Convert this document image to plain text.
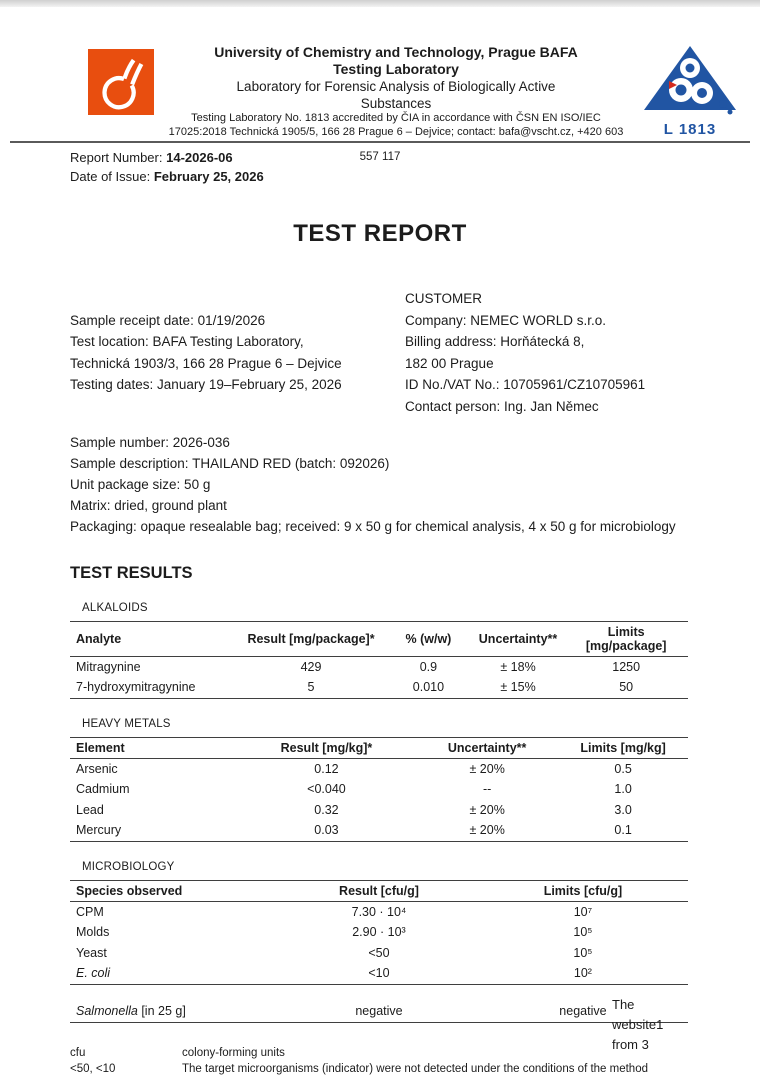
University of Chemistry and Technology, Prague BAFA
Testing Laboratory
Laboratory for Forensic Analysis of Biologically Active
Substances
Testing Laboratory No. 1813 accredited by ČIA in accordance with ČSN EN ISO/IEC
17025:2018 Technická 1905/5, 166 28 Prague 6 – Dejvice; contact: bafa@vscht.cz, +420 603	L 1813
557 117
Report Number: 14-2026-06
Date of Issue: February 25, 2026
TEST REPORT
Sample receipt date: 01/19/2026
Test location: BAFA Testing Laboratory,
Technická 1903/3, 166 28 Prague 6 – Dejvice
Testing dates: January 19–February 25, 2026
CUSTOMER
Company: NEMEC WORLD s.r.o.
Billing address: Horňátecká 8,
182 00 Prague
ID No./VAT No.: 10705961/CZ10705961
Contact person: Ing. Jan Němec
Sample number: 2026-036
Sample description: THAILAND RED (batch: 092026)
Unit package size: 50 g
Matrix: dried, ground plant
Packaging: opaque resealable bag; received: 9 x 50 g for chemical analysis, 4 x 50 g for microbiology
TEST RESULTS
ALKALOIDS
Analyte	Result [mg/package]*	% (w/w)	Uncertainty**	Limits [mg/package]
Mitragynine	429	0.9	± 18%	1250
7-hydroxymitragynine	5	0.010	± 15%	50
HEAVY METALS
Element	Result [mg/kg]*	Uncertainty**	Limits [mg/kg]
Arsenic	0.12	± 20%	0.5
Cadmium	<0.040	--	1.0
Lead	0.32	± 20%	3.0
Mercury	0.03	± 20%	0.1
MICROBIOLOGY
Species observed	Result [cfu/g]	Limits [cfu/g]
CPM	7.30 · 10⁴	10⁷
Molds	2.90 · 10³	10⁵
Yeast	<50	10⁵
E. coli	<10	10²
Salmonella [in 25 g]	negative	negative
cfu	colony-forming units
<50, <10	The target microorganisms (indicator) were not detected under the conditions of the method
The
website1
from 3
